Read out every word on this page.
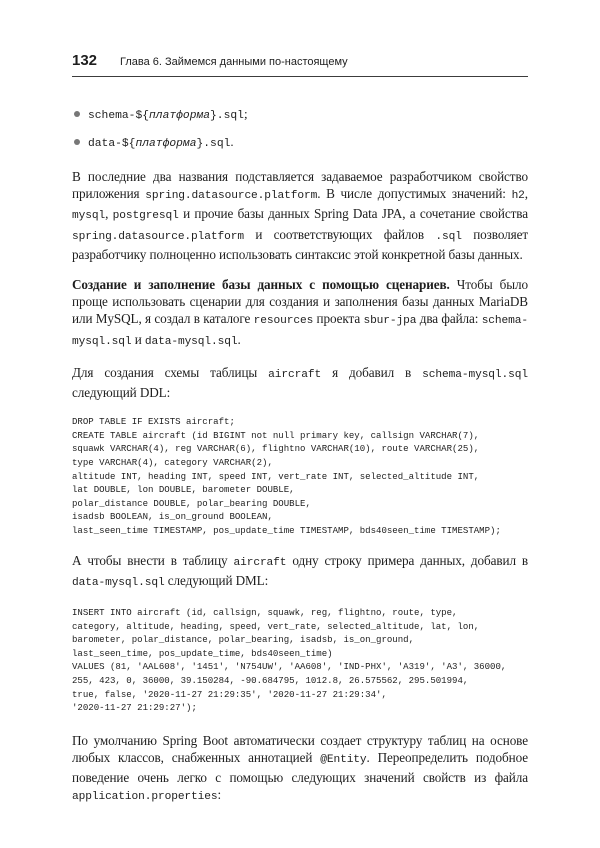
132	Глава 6. Займемся данными по-настоящему
schema-${платформа}.sql;
data-${платформа}.sql.

В последние два названия подставляется задаваемое разработчиком свойство приложения spring.datasource.platform. В числе допустимых значений: h2, mysql, postgresql и прочие базы данных Spring Data JPA, а сочетание свойства spring.datasource.platform и соответствующих файлов .sql позволяет разработчику полноценно использовать синтаксис этой конкретной базы данных.

Создание и заполнение базы данных с помощью сценариев. Чтобы было проще использовать сценарии для создания и заполнения базы данных MariaDB или MySQL, я создал в каталоге resources проекта sbur-jpa два файла: schema-mysql.sql и data-mysql.sql.

Для создания схемы таблицы aircraft я добавил в schema-mysql.sql следующий DDL:

DROP TABLE IF EXISTS aircraft;
CREATE TABLE aircraft (id BIGINT not null primary key, callsign VARCHAR(7),
squawk VARCHAR(4), reg VARCHAR(6), flightno VARCHAR(10), route VARCHAR(25),
type VARCHAR(4), category VARCHAR(2),
altitude INT, heading INT, speed INT, vert_rate INT, selected_altitude INT,
lat DOUBLE, lon DOUBLE, barometer DOUBLE,
polar_distance DOUBLE, polar_bearing DOUBLE,
isadsb BOOLEAN, is_on_ground BOOLEAN,
last_seen_time TIMESTAMP, pos_update_time TIMESTAMP, bds40seen_time TIMESTAMP);

А чтобы внести в таблицу aircraft одну строку примера данных, добавил в data-mysql.sql следующий DML:

INSERT INTO aircraft (id, callsign, squawk, reg, flightno, route, type,
category, altitude, heading, speed, vert_rate, selected_altitude, lat, lon,
barometer, polar_distance, polar_bearing, isadsb, is_on_ground,
last_seen_time, pos_update_time, bds40seen_time)
VALUES (81, 'AAL608', '1451', 'N754UW', 'AA608', 'IND-PHX', 'A319', 'A3', 36000,
255, 423, 0, 36000, 39.150284, -90.684795, 1012.8, 26.575562, 295.501994,
true, false, '2020-11-27 21:29:35', '2020-11-27 21:29:34',
'2020-11-27 21:29:27');

По умолчанию Spring Boot автоматически создает структуру таблиц на основе любых классов, снабженных аннотацией @Entity. Переопределить подобное поведение очень легко с помощью следующих значений свойств из файла application.properties:
